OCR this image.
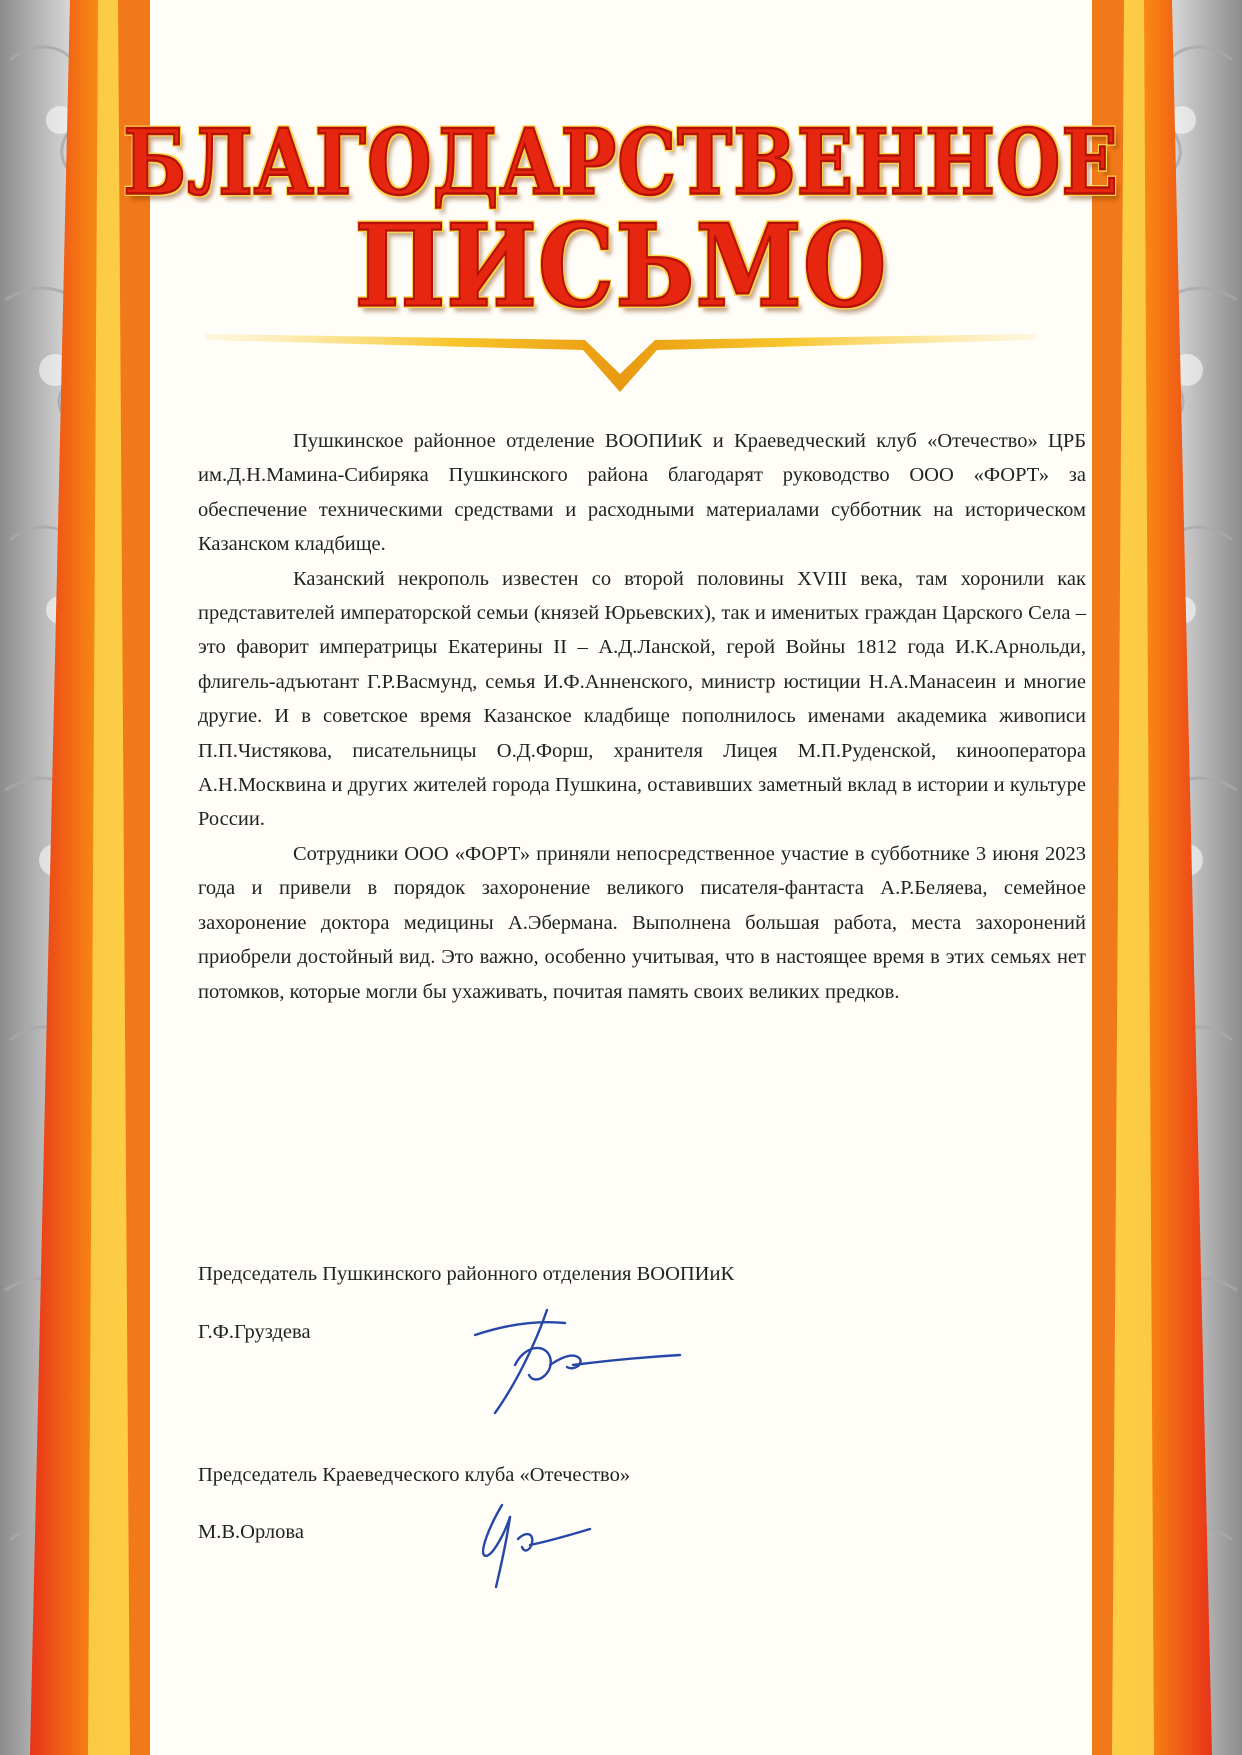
БЛАГОДАРСТВЕННОЕ
ПИСЬМО

Пушкинское районное отделение ВООПИиК и Краеведческий клуб «Отечество» ЦРБ им.Д.Н.Мамина-Сибиряка Пушкинского района благодарят руководство ООО «ФОРТ» за обеспечение техническими средствами и расходными материалами субботник на историческом Казанском кладбище.

Казанский некрополь известен со второй половины XVIII века, там хоронили как представителей императорской семьи (князей Юрьевских), так и именитых граждан Царского Села – это фаворит императрицы Екатерины II – А.Д.Ланской, герой Войны 1812 года И.К.Арнольди, флигель-адъютант Г.Р.Васмунд, семья И.Ф.Анненского, министр юстиции Н.А.Манасеин и многие другие. И в советское время Казанское кладбище пополнилось именами академика живописи П.П.Чистякова, писательницы О.Д.Форш, хранителя Лицея М.П.Руденской, кинооператора А.Н.Москвина и других жителей города Пушкина, оставивших заметный вклад в истории и культуре России.

Сотрудники ООО «ФОРТ» приняли непосредственное участие в субботнике 3 июня 2023 года и привели в порядок захоронение великого писателя-фантаста А.Р.Беляева, семейное захоронение доктора медицины А.Эбермана. Выполнена большая работа, места захоронений приобрели достойный вид. Это важно, особенно учитывая, что в настоящее время в этих семьях нет потомков, которые могли бы ухаживать, почитая память своих великих предков.

Председатель Пушкинского районного отделения ВООПИиК
Г.Ф.Груздева
Председатель Краеведческого клуба «Отечество»
М.В.Орлова
